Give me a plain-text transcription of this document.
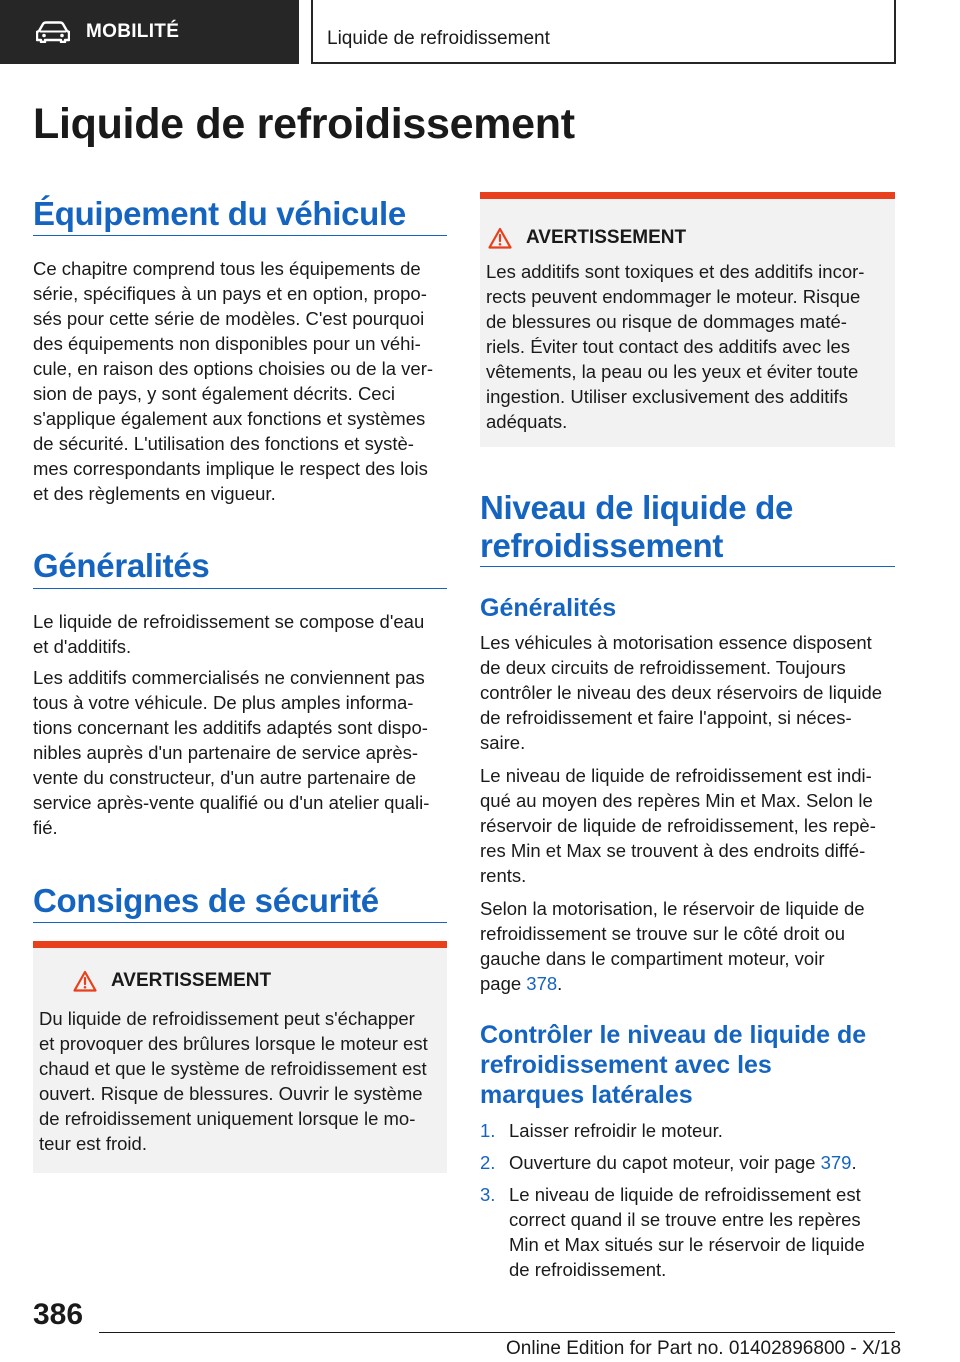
MOBILITÉ	Liquide de refroidissement
Liquide de refroidissement
Équipement du véhicule
Ce chapitre comprend tous les équipements de
série, spécifiques à un pays et en option, propo‐
sés pour cette série de modèles. C'est pourquoi
des équipements non disponibles pour un véhi‐
cule, en raison des options choisies ou de la ver‐
sion de pays, y sont également décrits. Ceci
s'applique également aux fonctions et systèmes
de sécurité. L'utilisation des fonctions et systè‐
mes correspondants implique le respect des lois
et des règlements en vigueur.
Généralités
Le liquide de refroidissement se compose d'eau
et d'additifs.
Les additifs commercialisés ne conviennent pas
tous à votre véhicule. De plus amples informa‐
tions concernant les additifs adaptés sont dispo‐
nibles auprès d'un partenaire de service après-
vente du constructeur, d'un autre partenaire de
service après-vente qualifié ou d'un atelier quali‐
fié.
Consignes de sécurité
AVERTISSEMENT
Du liquide de refroidissement peut s'échapper
et provoquer des brûlures lorsque le moteur est
chaud et que le système de refroidissement est
ouvert. Risque de blessures. Ouvrir le système
de refroidissement uniquement lorsque le mo‐
teur est froid.
AVERTISSEMENT
Les additifs sont toxiques et des additifs incor‐
rects peuvent endommager le moteur. Risque
de blessures ou risque de dommages maté‐
riels. Éviter tout contact des additifs avec les
vêtements, la peau ou les yeux et éviter toute
ingestion. Utiliser exclusivement des additifs
adéquats.
Niveau de liquide de
refroidissement
Généralités
Les véhicules à motorisation essence disposent
de deux circuits de refroidissement. Toujours
contrôler le niveau des deux réservoirs de liquide
de refroidissement et faire l'appoint, si néces‐
saire.
Le niveau de liquide de refroidissement est indi‐
qué au moyen des repères Min et Max. Selon le
réservoir de liquide de refroidissement, les repè‐
res Min et Max se trouvent à des endroits diffé‐
rents.
Selon la motorisation, le réservoir de liquide de
refroidissement se trouve sur le côté droit ou
gauche dans le compartiment moteur, voir
page 378.
Contrôler le niveau de liquide de
refroidissement avec les
marques latérales
1. Laisser refroidir le moteur.
2. Ouverture du capot moteur, voir page 379.
3. Le niveau de liquide de refroidissement est
correct quand il se trouve entre les repères
Min et Max situés sur le réservoir de liquide
de refroidissement.
386
Online Edition for Part no. 01402896800 - X/18
